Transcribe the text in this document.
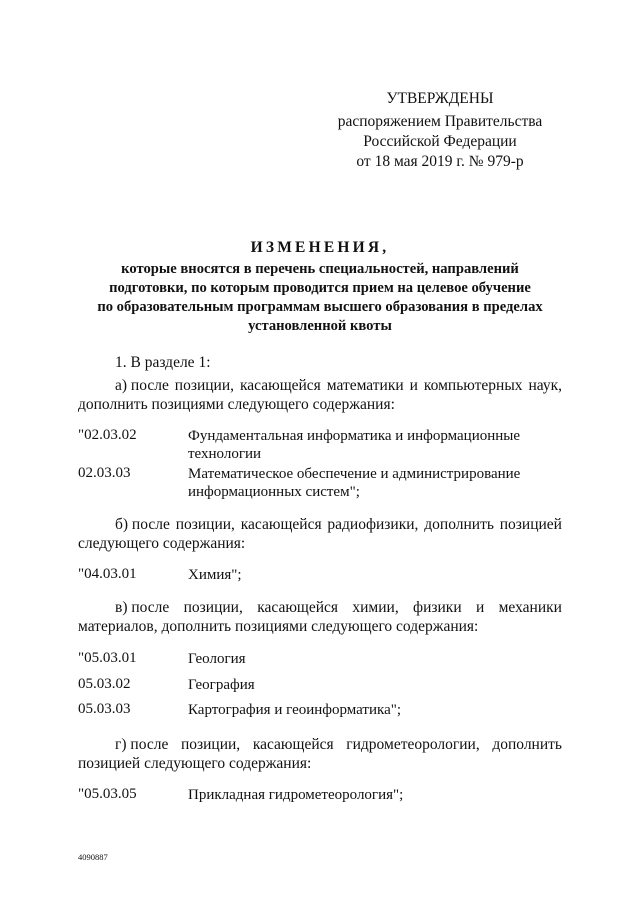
УТВЕРЖДЕНЫ
распоряжением Правительства
Российской Федерации
от 18 мая 2019 г. № 979-р
ИЗМЕНЕНИЯ,
которые вносятся в перечень специальностей, направлений
подготовки, по которым проводится прием на целевое обучение
по образовательным программам высшего образования в пределах
установленной квоты
1. В разделе 1:
а) после позиции, касающейся математики и компьютерных наук,
дополнить позициями следующего содержания:
"02.03.02	Фундаментальная информатика и информационные
технологии
02.03.03	Математическое обеспечение и администрирование
информационных систем";
б) после позиции, касающейся радиофизики, дополнить позицией
следующего содержания:
"04.03.01	Химия";
в) после позиции, касающейся химии, физики и механики
материалов, дополнить позициями следующего содержания:
"05.03.01	Геология
05.03.02	География
05.03.03	Картография и геоинформатика";
г) после позиции, касающейся гидрометеорологии, дополнить
позицией следующего содержания:
"05.03.05	Прикладная гидрометеорология";
4090887
